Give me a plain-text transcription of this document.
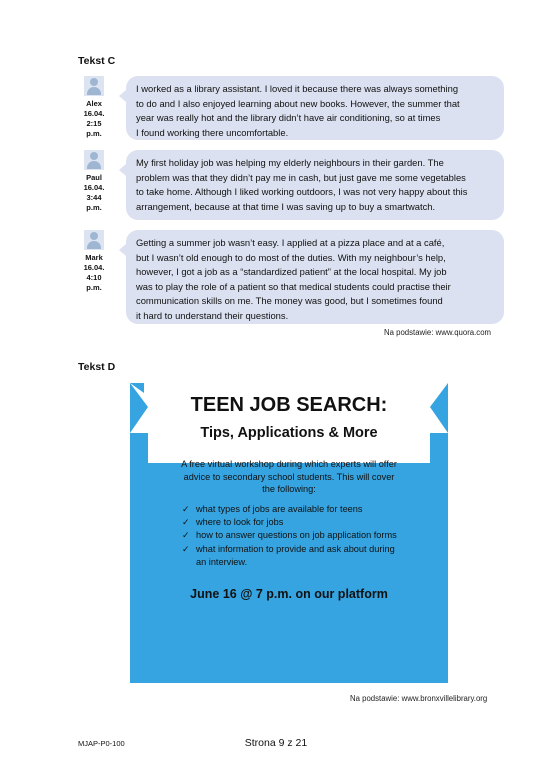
Tekst C
Alex
16.04.
2:15 p.m.
I worked as a library assistant. I loved it because there was always something
to do and I also enjoyed learning about new books. However, the summer that
year was really hot and the library didn’t have air conditioning, so at times
I found working there uncomfortable.
Paul
16.04.
3:44 p.m.
My first holiday job was helping my elderly neighbours in their garden. The
problem was that they didn’t pay me in cash, but just gave me some vegetables
to take home. Although I liked working outdoors, I was not very happy about this
arrangement, because at that time I was saving up to buy a smartwatch.
Mark
16.04.
4:10 p.m.
Getting a summer job wasn’t easy. I applied at a pizza place and at a café,
but I wasn’t old enough to do most of the duties. With my neighbour’s help,
however, I got a job as a “standardized patient” at the local hospital. My job
was to play the role of a patient so that medical students could practise their
communication skills on me. The money was good, but I sometimes found
it hard to understand their questions.
Na podstawie: www.quora.com
Tekst D
TEEN JOB SEARCH:
Tips, Applications & More
A free virtual workshop during which experts will offer
advice to secondary school students. This will cover
the following:
✓ what types of jobs are available for teens
✓ where to look for jobs
✓ how to answer questions on job application forms
✓ what information to provide and ask about during
an interview.
June 16 @ 7 p.m. on our platform
Na podstawie: www.bronxvillelibrary.org
MJAP-P0-100	Strona 9 z 21
